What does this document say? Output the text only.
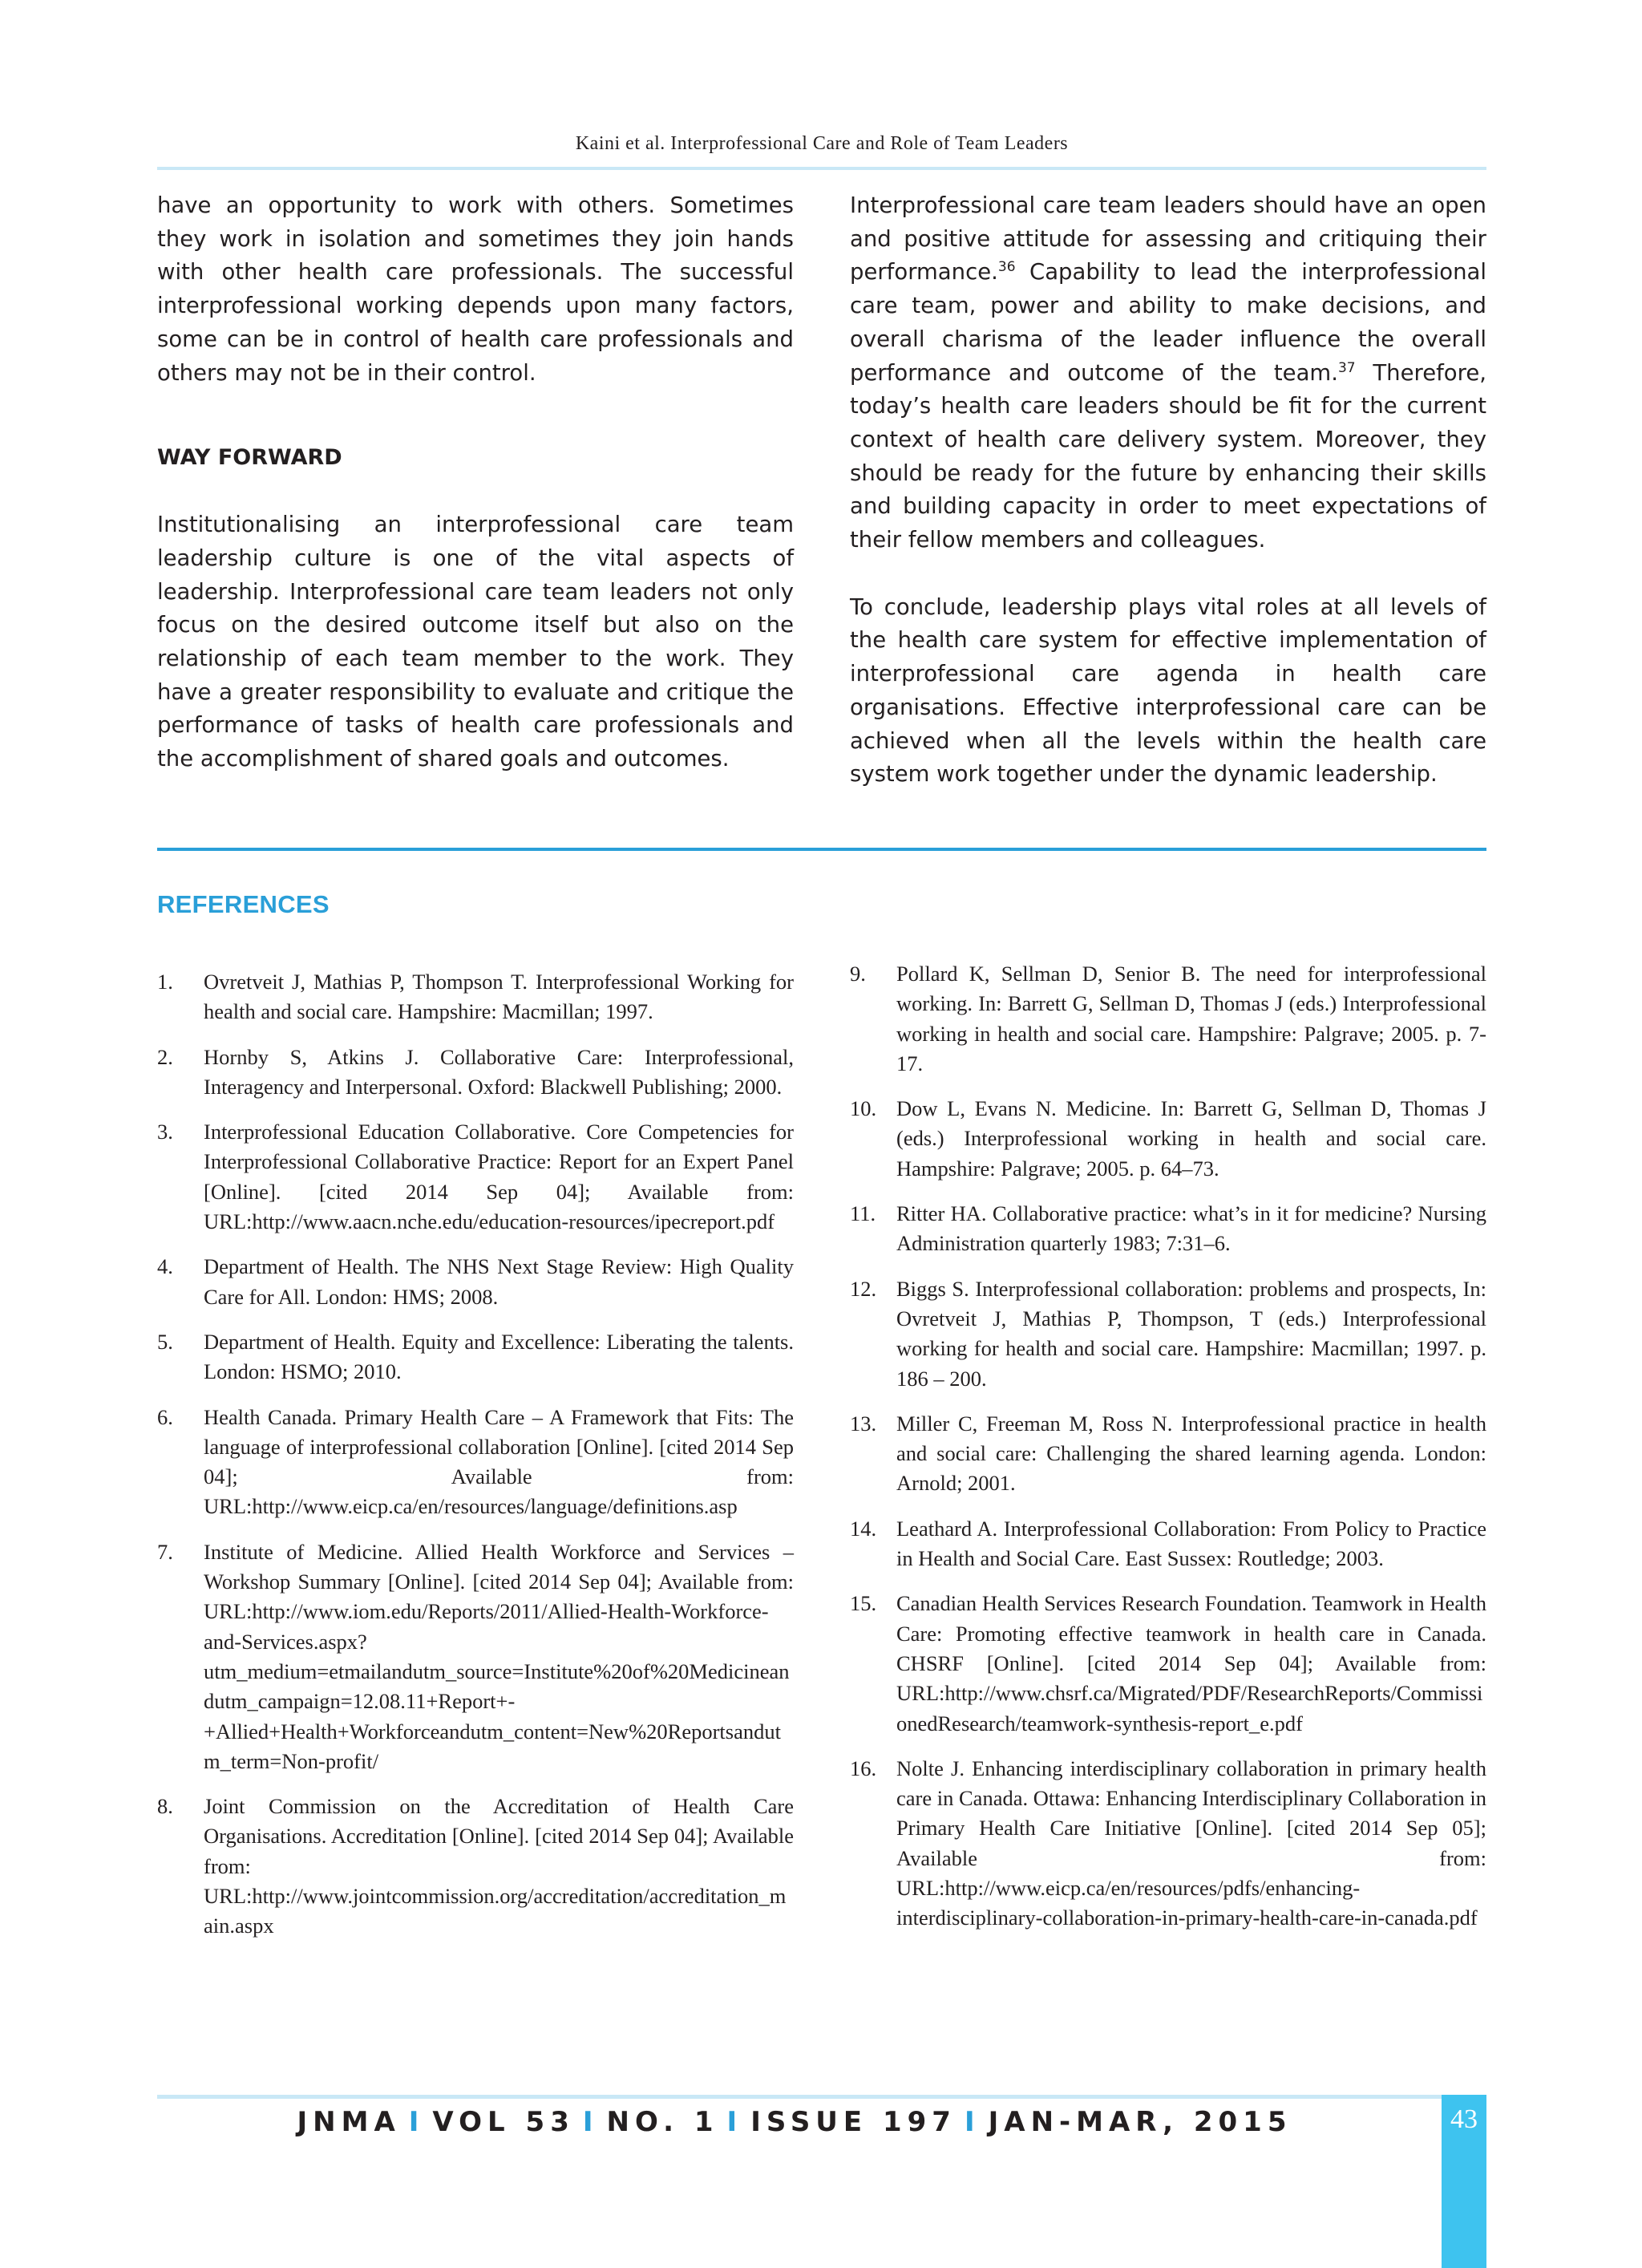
Kaini et al. Interprofessional Care and Role of Team Leaders

have an opportunity to work with others. Sometimes they work in isolation and sometimes they join hands with other health care professionals. The successful interprofessional working depends upon many factors, some can be in control of health care professionals and others may not be in their control.

WAY FORWARD

Institutionalising an interprofessional care team leadership culture is one of the vital aspects of leadership. Interprofessional care team leaders not only focus on the desired outcome itself but also on the relationship of each team member to the work. They have a greater responsibility to evaluate and critique the performance of tasks of health care professionals and the accomplishment of shared goals and outcomes.

Interprofessional care team leaders should have an open and positive attitude for assessing and critiquing their performance.$^{36}$ Capability to lead the interprofessional care team, power and ability to make decisions, and overall charisma of the leader influence the overall performance and outcome of the team.$^{37}$ Therefore, today’s health care leaders should be fit for the current context of health care delivery system. Moreover, they should be ready for the future by enhancing their skills and building capacity in order to meet expectations of their fellow members and colleagues.

To conclude, leadership plays vital roles at all levels of the health care system for effective implementation of interprofessional care agenda in health care organisations. Effective interprofessional care can be achieved when all the levels within the health care system work together under the dynamic leadership.

REFERENCES
1. Ovretveit J, Mathias P, Thompson T. Interprofessional Working for health and social care. Hampshire: Macmillan; 1997.
2. Hornby S, Atkins J. Collaborative Care: Interprofessional, Interagency and Interpersonal. Oxford: Blackwell Publishing; 2000.
3. Interprofessional Education Collaborative. Core Competencies for Interprofessional Collaborative Practice: Report for an Expert Panel [Online]. [cited 2014 Sep 04]; Available from: URL:http://www.aacn.nche.edu/education-resources/ipecreport.pdf
4. Department of Health. The NHS Next Stage Review: High Quality Care for All. London: HMS; 2008.
5. Department of Health. Equity and Excellence: Liberating the talents. London: HSMO; 2010.
6. Health Canada. Primary Health Care – A Framework that Fits: The language of interprofessional collaboration [Online]. [cited 2014 Sep 04]; Available from: URL:http://www.eicp.ca/en/resources/language/definitions.asp
7. Institute of Medicine. Allied Health Workforce and Services – Workshop Summary [Online]. [cited 2014 Sep 04]; Available from: URL:http://www.iom.edu/Reports/2011/Allied-Health-Workforce-and-Services.aspx?utm_medium=etmailandutm_source=Institute%20of%20Medicineandutm_campaign=12.08.11+Report+-+Allied+Health+Workforceandutm_content=New%20Reportsandutm_term=Non-profit/
8. Joint Commission on the Accreditation of Health Care Organisations. Accreditation [Online]. [cited 2014 Sep 04]; Available from: URL:http://www.jointcommission.org/accreditation/accreditation_main.aspx
9. Pollard K, Sellman D, Senior B. The need for interprofessional working. In: Barrett G, Sellman D, Thomas J (eds.) Interprofessional working in health and social care. Hampshire: Palgrave; 2005. p. 7-17.
10. Dow L, Evans N. Medicine. In: Barrett G, Sellman D, Thomas J (eds.) Interprofessional working in health and social care. Hampshire: Palgrave; 2005. p. 64–73.
11. Ritter HA. Collaborative practice: what’s in it for medicine? Nursing Administration quarterly 1983; 7:31–6.
12. Biggs S. Interprofessional collaboration: problems and prospects, In: Ovretveit J, Mathias P, Thompson, T (eds.) Interprofessional working for health and social care. Hampshire: Macmillan; 1997. p. 186 – 200.
13. Miller C, Freeman M, Ross N. Interprofessional practice in health and social care: Challenging the shared learning agenda. London: Arnold; 2001.
14. Leathard A. Interprofessional Collaboration: From Policy to Practice in Health and Social Care. East Sussex: Routledge; 2003.
15. Canadian Health Services Research Foundation. Teamwork in Health Care: Promoting effective teamwork in health care in Canada. CHSRF [Online]. [cited 2014 Sep 04]; Available from: URL:http://www.chsrf.ca/Migrated/PDF/ResearchReports/CommissionedResearch/teamwork-synthesis-report_e.pdf
16. Nolte J. Enhancing interdisciplinary collaboration in primary health care in Canada. Ottawa: Enhancing Interdisciplinary Collaboration in Primary Health Care Initiative [Online]. [cited 2014 Sep 05]; Available from: URL:http://www.eicp.ca/en/resources/pdfs/enhancing-interdisciplinary-collaboration-in-primary-health-care-in-canada.pdf
JNMA I VOL 53 I NO. 1 I ISSUE 197 I JAN-MAR, 2015	43
